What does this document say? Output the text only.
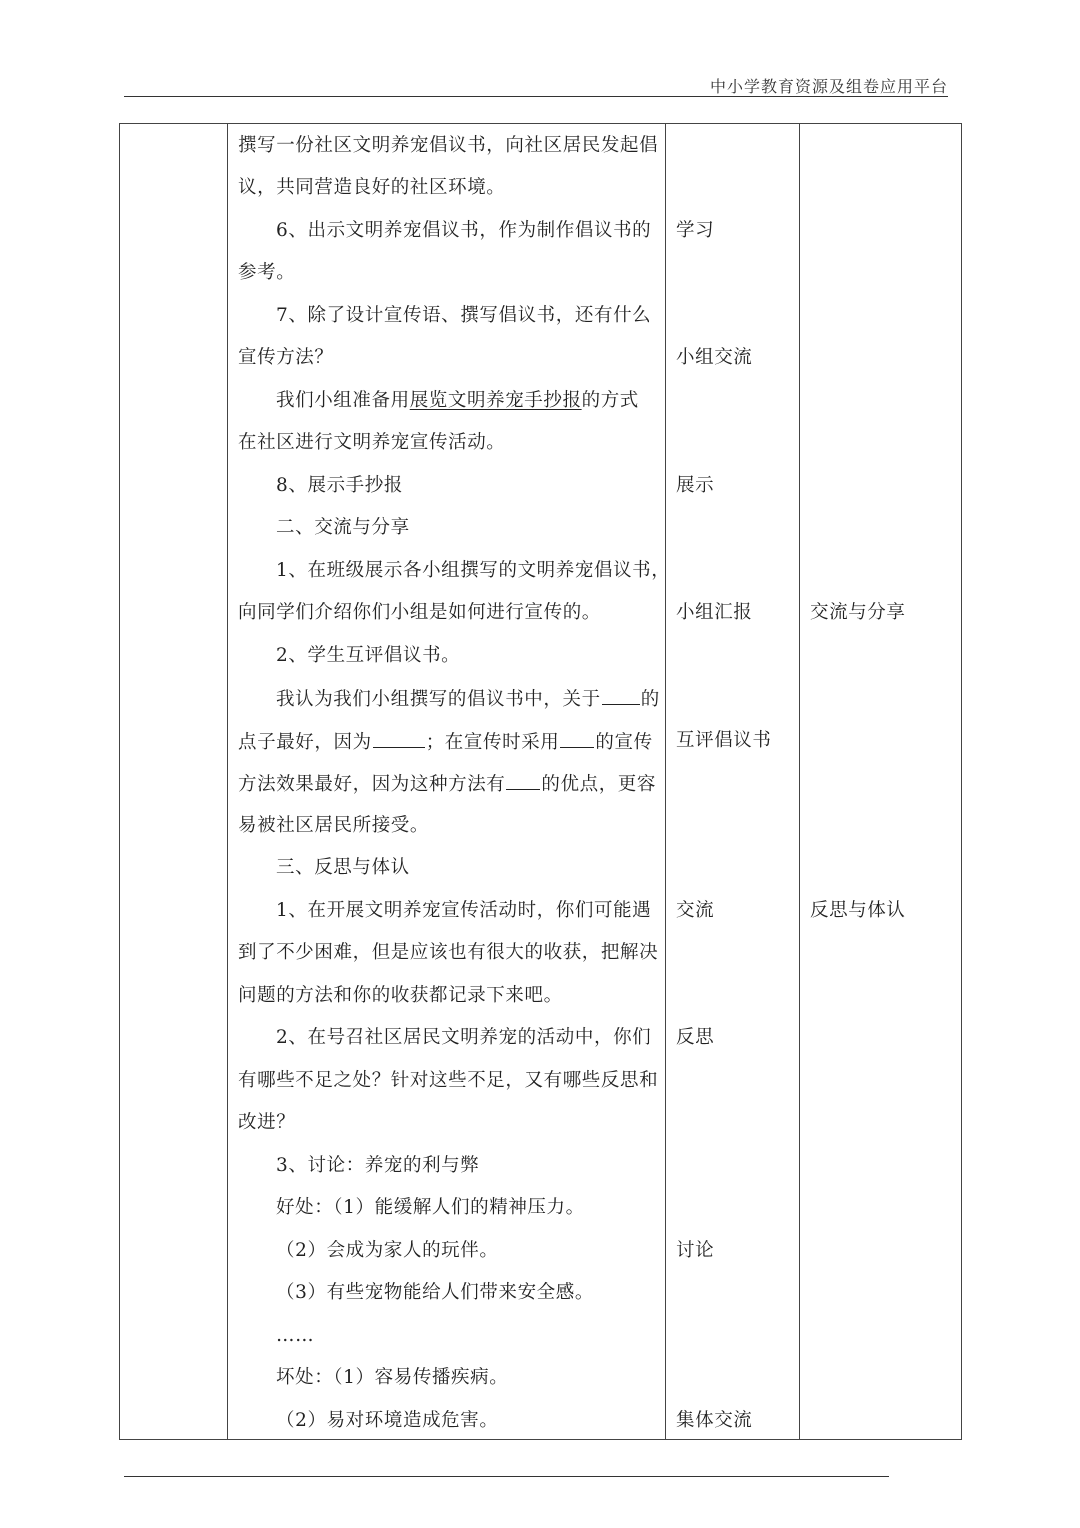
中小学教育资源及组卷应用平台
撰写一份社区文明养宠倡议书，向社区居民发起倡
议，共同营造良好的社区环境。
6、出示文明养宠倡议书，作为制作倡议书的
参考。
7、除了设计宣传语、撰写倡议书，还有什么
宣传方法？
我们小组准备用展览文明养宠手抄报的方式
在社区进行文明养宠宣传活动。
8、展示手抄报
二、交流与分享
1、在班级展示各小组撰写的文明养宠倡议书，
向同学们介绍你们小组是如何进行宣传的。
2、学生互评倡议书。
我认为我们小组撰写的倡议书中，关于 的
点子最好，因为	；在宣传时采用 的宣传
方法效果最好，因为这种方法有 的优点，更容
易被社区居民所接受。
三、反思与体认
1、在开展文明养宠宣传活动时，你们可能遇
到了不少困难，但是应该也有很大的收获，把解决
问题的方法和你的收获都记录下来吧。
2、在号召社区居民文明养宠的活动中，你们
有哪些不足之处？针对这些不足，又有哪些反思和
改进？
3、讨论：养宠的利与弊
好处：（1）能缓解人们的精神压力。
（2）会成为家人的玩伴。
（3）有些宠物能给人们带来安全感。
……
坏处：（1）容易传播疾病。
（2）易对环境造成危害。
学习
小组交流
展示
小组汇报
互评倡议书
交流
反思
讨论
集体交流
交流与分享
反思与体认
